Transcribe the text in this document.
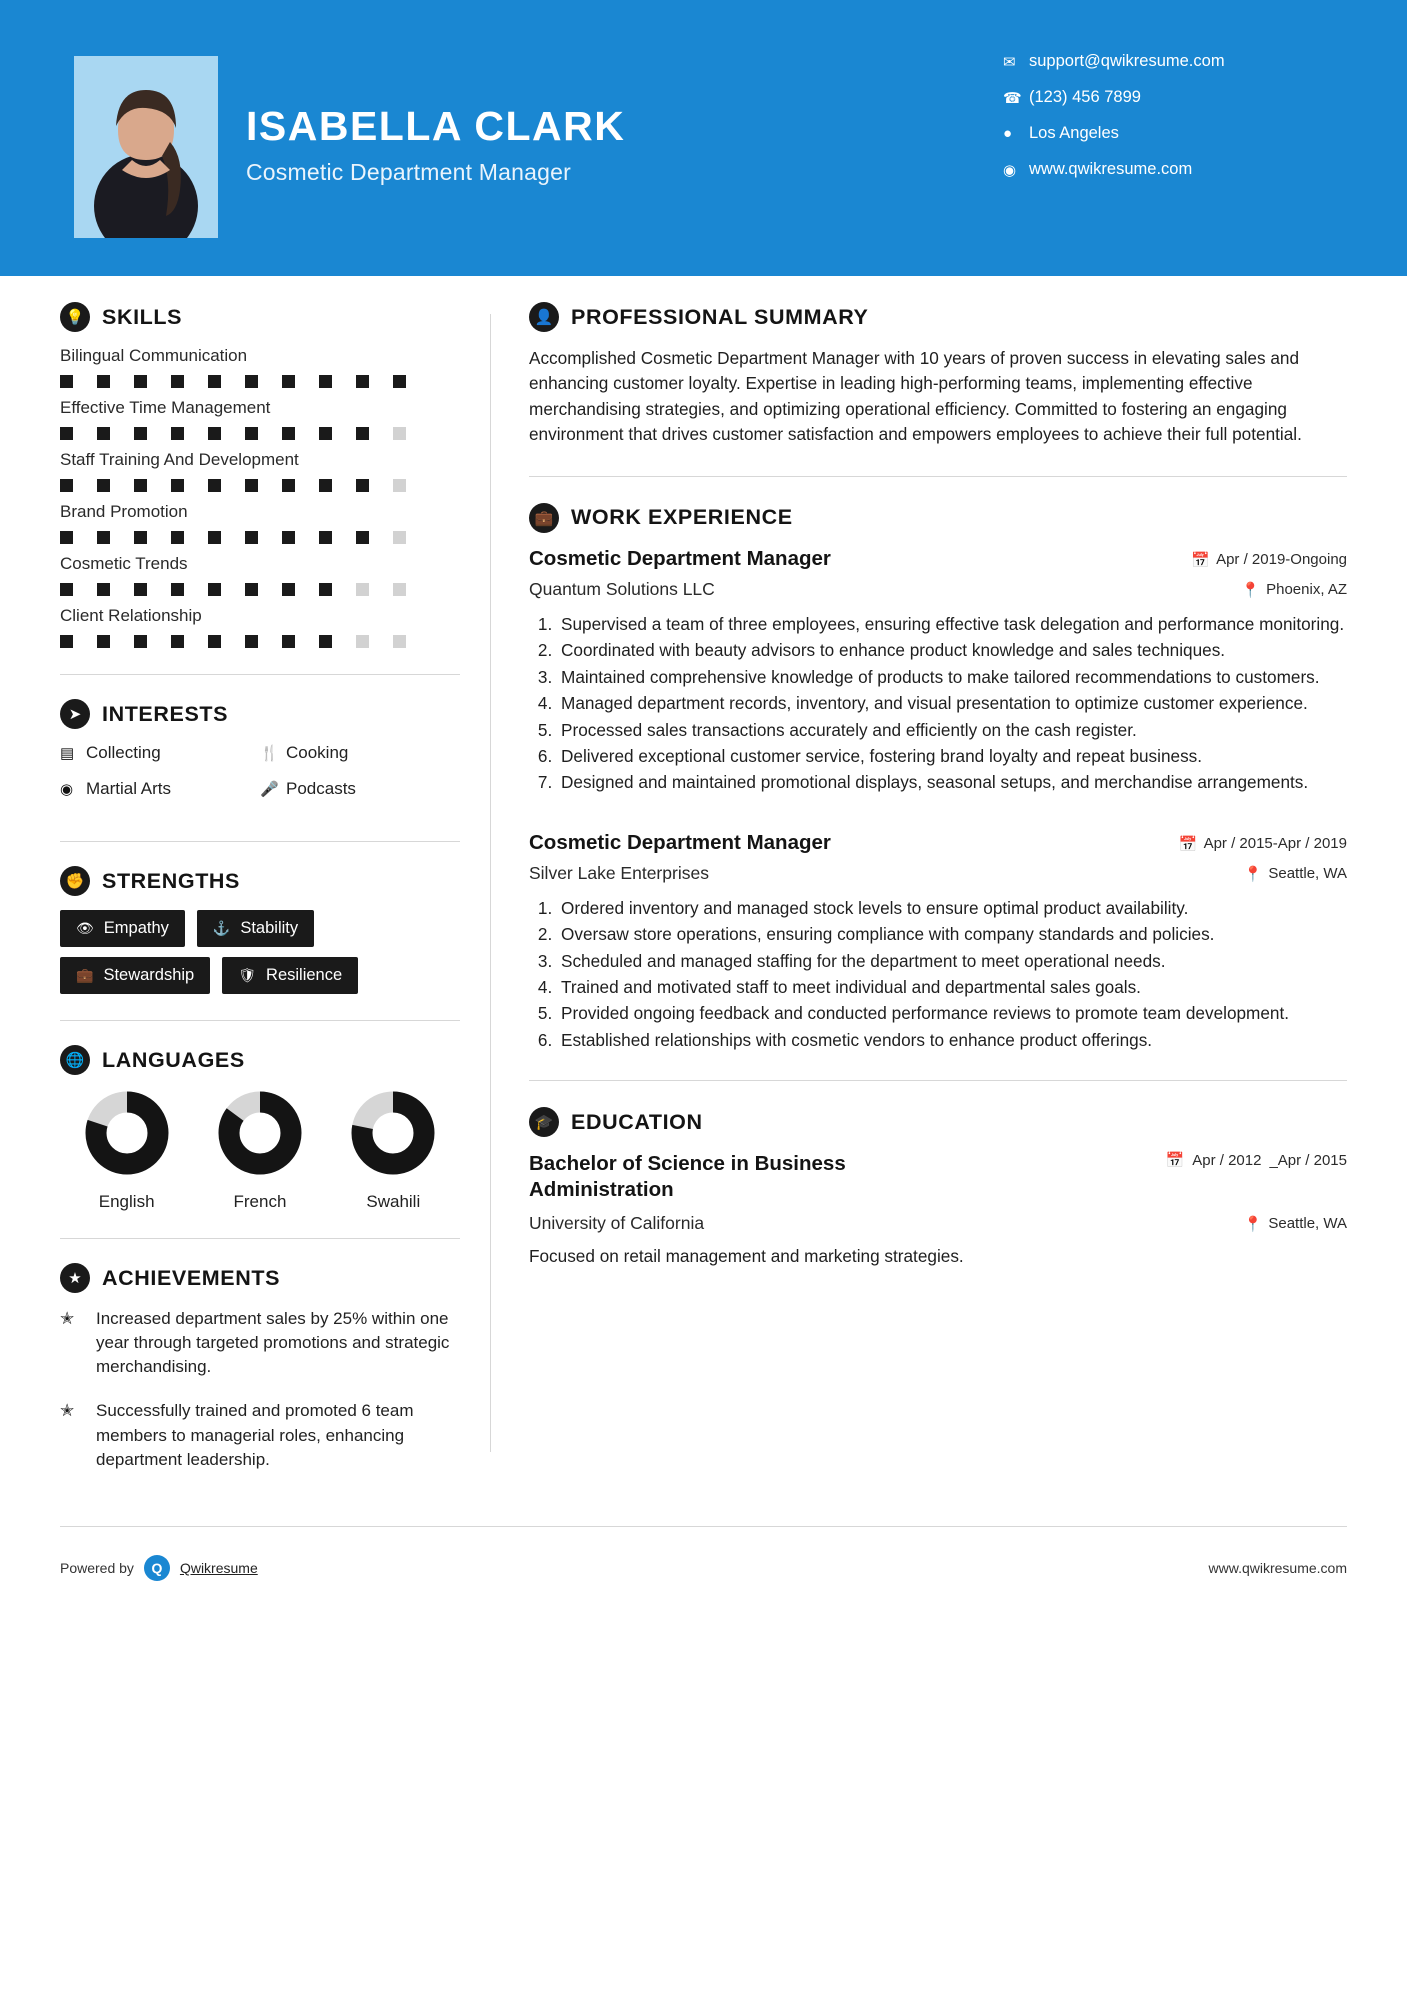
ISABELLA CLARK
Cosmetic Department Manager
✉ support@qwikresume.com
☎ (123) 456 7899
●	Los Angeles
◉ www.qwikresume.com
💡 SKILLS
Bilingual Communication
Effective Time Management
Staff Training And Development
Brand Promotion
Cosmetic Trends
Client Relationship
➤ INTERESTS
▤ Collecting	🍴 Cooking
◉ Martial Arts	🎤 Podcasts
✊ STRENGTHS
👁 Empathy	⚓ Stability
💼 Stewardship	🛡 Resilience
🌐 LANGUAGES
English	French	Swahili
★ ACHIEVEMENTS
✭	Increased department sales by 25% within one year through targeted promotions and strategic merchandising.
✭	Successfully trained and promoted 6 team members to managerial roles, enhancing department leadership.
👤 PROFESSIONAL SUMMARY
Accomplished Cosmetic Department Manager with 10 years of proven success in elevating sales and enhancing customer loyalty. Expertise in leading high-performing teams, implementing effective merchandising strategies, and optimizing operational efficiency. Committed to fostering an engaging environment that drives customer satisfaction and empowers employees to achieve their full potential.
💼 WORK EXPERIENCE
Cosmetic Department Manager	📅 Apr / 2019-Ongoing
Quantum Solutions LLC	📍 Phoenix, AZ
1. Supervised a team of three employees, ensuring effective task delegation and performance monitoring.
2. Coordinated with beauty advisors to enhance product knowledge and sales techniques.
3. Maintained comprehensive knowledge of products to make tailored recommendations to customers.
4. Managed department records, inventory, and visual presentation to optimize customer experience.
5. Processed sales transactions accurately and efficiently on the cash register.
6. Delivered exceptional customer service, fostering brand loyalty and repeat business.
7. Designed and maintained promotional displays, seasonal setups, and merchandise arrangements.
Cosmetic Department Manager	📅 Apr / 2015-Apr / 2019
Silver Lake Enterprises	📍 Seattle, WA
1. Ordered inventory and managed stock levels to ensure optimal product availability.
2. Oversaw store operations, ensuring compliance with company standards and policies.
3. Scheduled and managed staffing for the department to meet operational needs.
4. Trained and motivated staff to meet individual and departmental sales goals.
5. Provided ongoing feedback and conducted performance reviews to promote team development.
6. Established relationships with cosmetic vendors to enhance product offerings.
🎓 EDUCATION
Bachelor of Science in Business Administration
📅 Apr / 2012 _Apr / 2015
University of California	📍 Seattle, WA
Focused on retail management and marketing strategies.
Powered by	Q	Qwikresume	www.qwikresume.com
